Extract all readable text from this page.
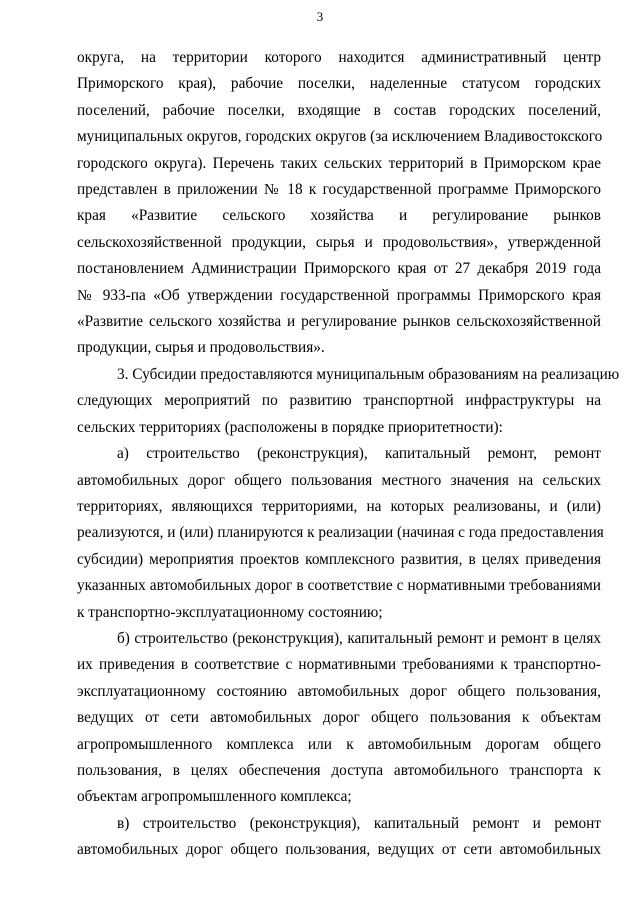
3

округа, на территории которого находится административный центр
Приморского края), рабочие поселки, наделенные статусом городских
поселений, рабочие поселки, входящие в состав городских поселений,
муниципальных округов, городских округов (за исключением Владивостокского
городского округа). Перечень таких сельских территорий в Приморском крае
представлен в приложении № 18 к государственной программе Приморского
края «Развитие сельского хозяйства и регулирование рынков
сельскохозяйственной продукции, сырья и продовольствия», утвержденной
постановлением Администрации Приморского края от 27 декабря 2019 года
№ 933-па «Об утверждении государственной программы Приморского края
«Развитие сельского хозяйства и регулирование рынков сельскохозяйственной
продукции, сырья и продовольствия».

3. Субсидии предоставляются муниципальным образованиям на реализацию
следующих мероприятий по развитию транспортной инфраструктуры на
сельских территориях (расположены в порядке приоритетности):

а) строительство (реконструкция), капитальный ремонт, ремонт
автомобильных дорог общего пользования местного значения на сельских
территориях, являющихся территориями, на которых реализованы, и (или)
реализуются, и (или) планируются к реализации (начиная с года предоставления
субсидии) мероприятия проектов комплексного развития, в целях приведения
указанных автомобильных дорог в соответствие с нормативными требованиями
к транспортно-эксплуатационному состоянию;

б) строительство (реконструкция), капитальный ремонт и ремонт в целях
их приведения в соответствие с нормативными требованиями к транспортно-
эксплуатационному состоянию автомобильных дорог общего пользования,
ведущих от сети автомобильных дорог общего пользования к объектам
агропромышленного комплекса или к автомобильным дорогам общего
пользования, в целях обеспечения доступа автомобильного транспорта к
объектам агропромышленного комплекса;

в) строительство (реконструкция), капитальный ремонт и ремонт
автомобильных дорог общего пользования, ведущих от сети автомобильных
